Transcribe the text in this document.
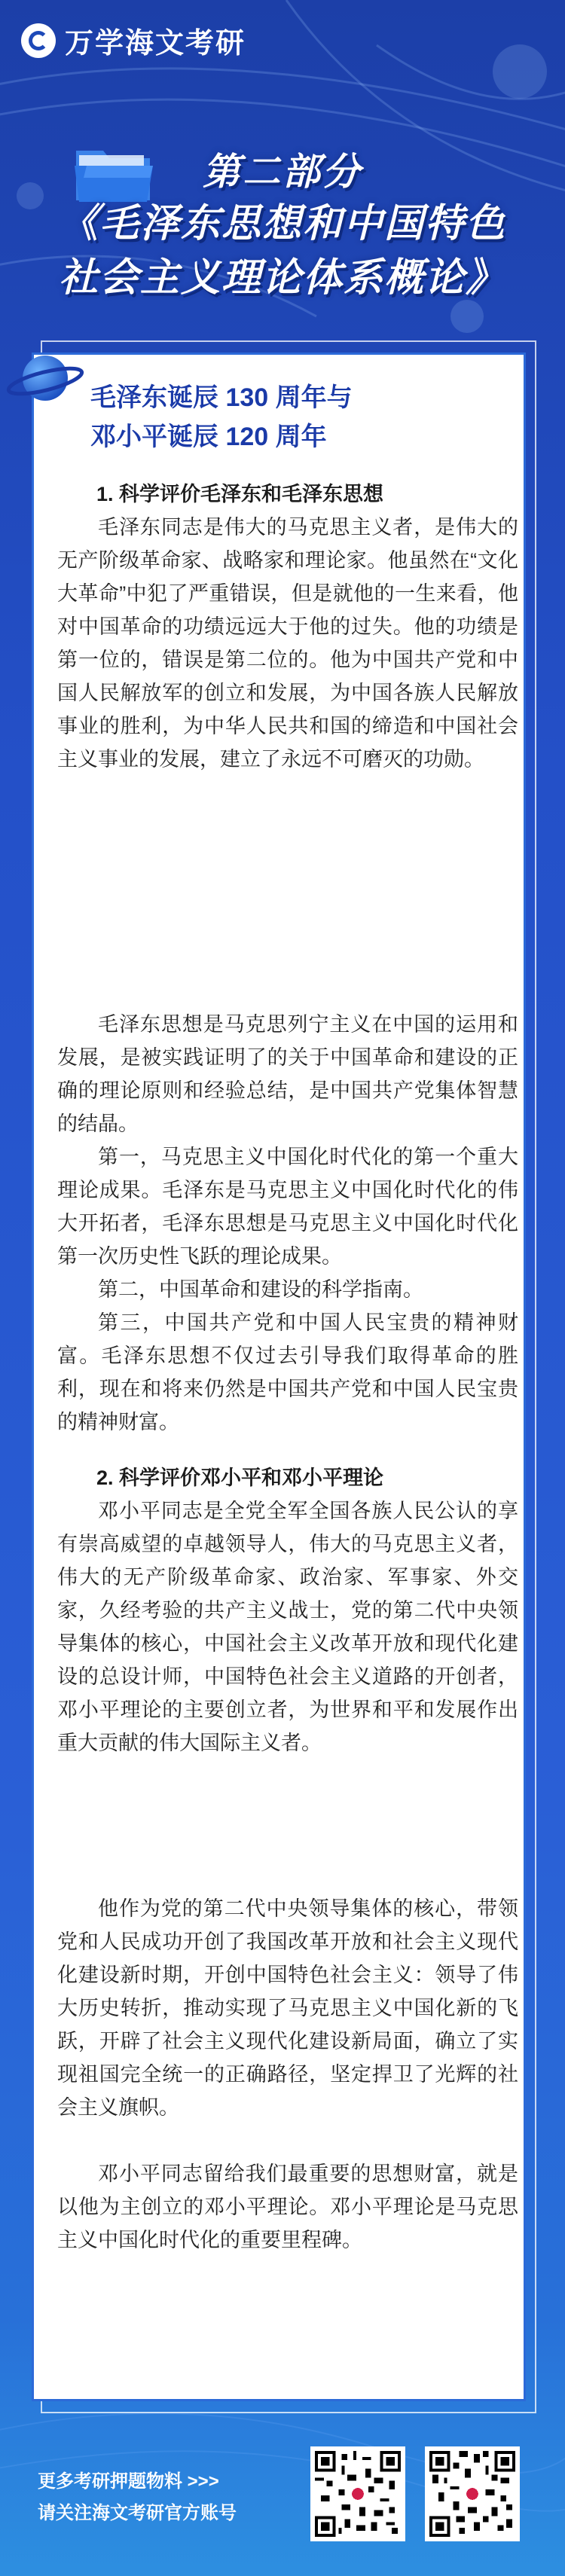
万学海文考研
第二部分
《毛泽东思想和中国特色
社会主义理论体系概论》
毛泽东诞辰 130 周年与
邓小平诞辰 120 周年
1. 科学评价毛泽东和毛泽东思想

毛泽东同志是伟大的马克思主义者，是伟大的无产阶级革命家、战略家和理论家。他虽然在“文化大革命”中犯了严重错误，但是就他的一生来看，他对中国革命的功绩远远大于他的过失。他的功绩是第一位的，错误是第二位的。他为中国共产党和中国人民解放军的创立和发展，为中国各族人民解放事业的胜利，为中华人民共和国的缔造和中国社会主义事业的发展，建立了永远不可磨灭的功勋。

毛泽东思想是马克思列宁主义在中国的运用和发展，是被实践证明了的关于中国革命和建设的正确的理论原则和经验总结，是中国共产党集体智慧的结晶。

第一，马克思主义中国化时代化的第一个重大理论成果。毛泽东是马克思主义中国化时代化的伟大开拓者，毛泽东思想是马克思主义中国化时代化第一次历史性飞跃的理论成果。

第二，中国革命和建设的科学指南。

第三，中国共产党和中国人民宝贵的精神财富。毛泽东思想不仅过去引导我们取得革命的胜利，现在和将来仍然是中国共产党和中国人民宝贵的精神财富。

2. 科学评价邓小平和邓小平理论

邓小平同志是全党全军全国各族人民公认的享有崇高威望的卓越领导人，伟大的马克思主义者，伟大的无产阶级革命家、政治家、军事家、外交家，久经考验的共产主义战士，党的第二代中央领导集体的核心，中国社会主义改革开放和现代化建设的总设计师，中国特色社会主义道路的开创者，邓小平理论的主要创立者，为世界和平和发展作出重大贡献的伟大国际主义者。

他作为党的第二代中央领导集体的核心，带领党和人民成功开创了我国改革开放和社会主义现代化建设新时期，开创中国特色社会主义：领导了伟大历史转折，推动实现了马克思主义中国化新的飞跃，开辟了社会主义现代化建设新局面，确立了实现祖国完全统一的正确路径，坚定捍卫了光辉的社会主义旗帜。

邓小平同志留给我们最重要的思想财富，就是以他为主创立的邓小平理论。邓小平理论是马克思主义中国化时代化的重要里程碑。

更多考研押题物料 >>>
请关注海文考研官方账号
